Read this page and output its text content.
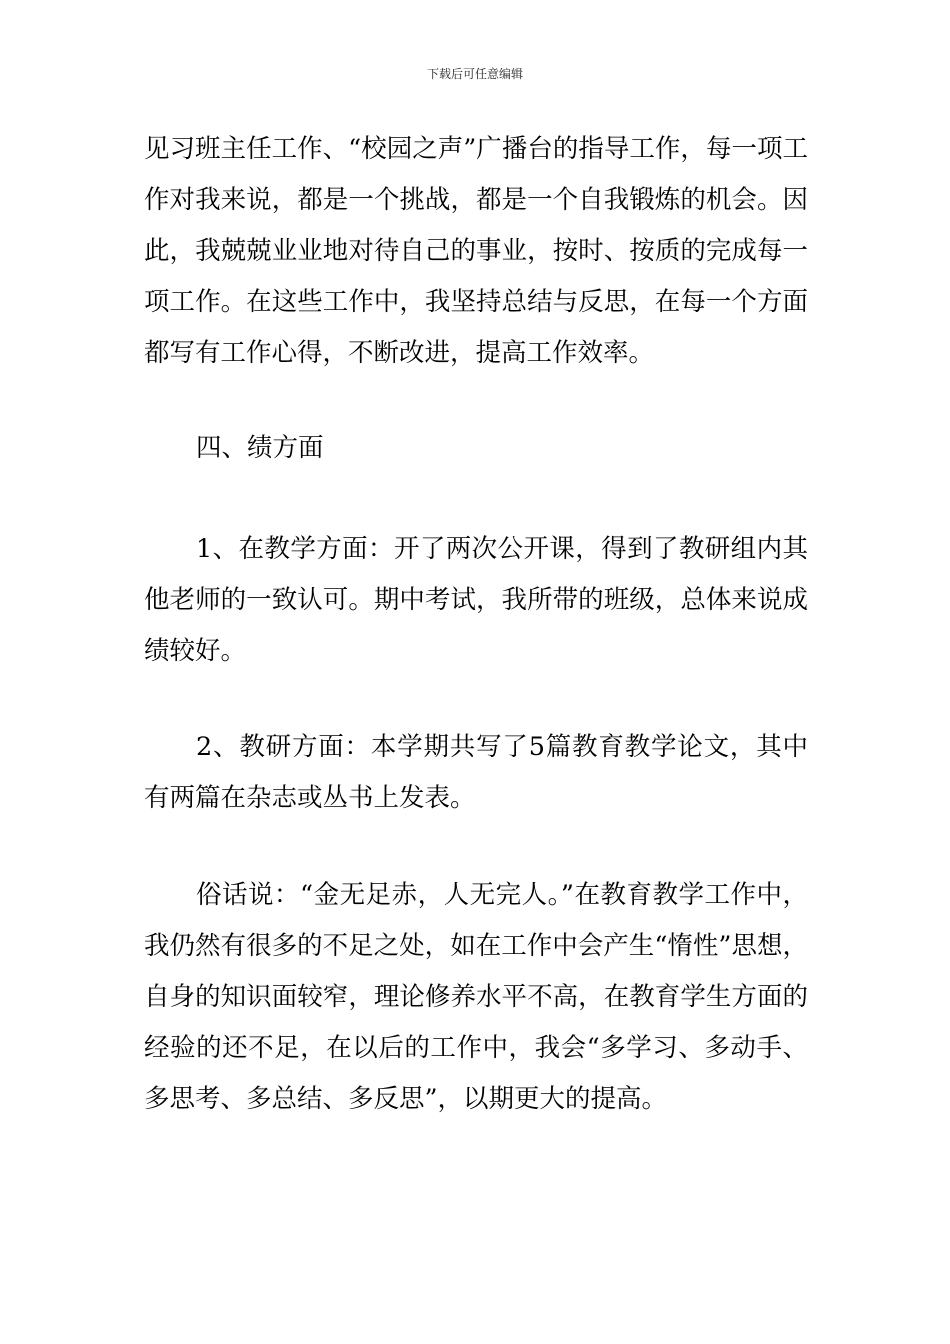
下载后可任意编辑

见习班主任工作、“校园之声”广播台的指导工作，每一项工作对我来说，都是一个挑战，都是一个自我锻炼的机会。因此，我兢兢业业地对待自己的事业，按时、按质的完成每一项工作。在这些工作中，我坚持总结与反思，在每一个方面都写有工作心得，不断改进，提高工作效率。

四、绩方面

1、在教学方面：开了两次公开课，得到了教研组内其他老师的一致认可。期中考试，我所带的班级，总体来说成绩较好。

2、教研方面：本学期共写了5篇教育教学论文，其中有两篇在杂志或丛书上发表。

俗话说：“金无足赤，人无完人。”在教育教学工作中，我仍然有很多的不足之处，如在工作中会产生“惰性”思想，自身的知识面较窄，理论修养水平不高，在教育学生方面的经验的还不足，在以后的工作中，我会“多学习、多动手、多思考、多总结、多反思”，以期更大的提高。
